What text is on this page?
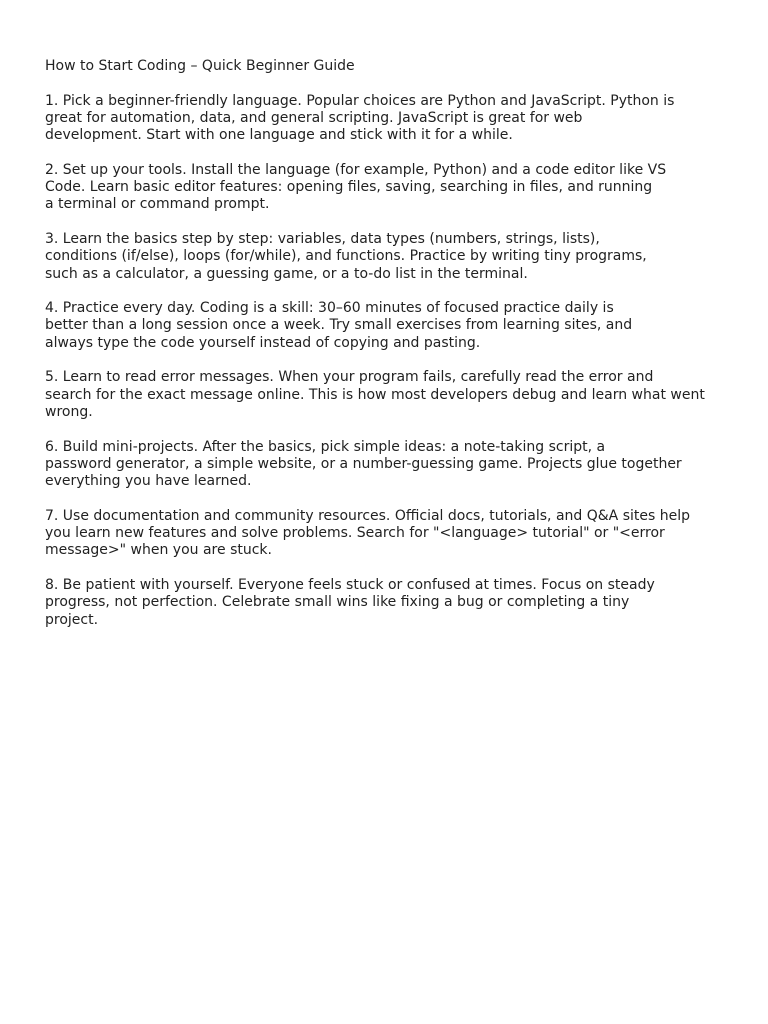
How to Start Coding – Quick Beginner Guide
1. Pick a beginner-friendly language. Popular choices are Python and JavaScript. Python is
great for automation, data, and general scripting. JavaScript is great for web
development. Start with one language and stick with it for a while.
2. Set up your tools. Install the language (for example, Python) and a code editor like VS
Code. Learn basic editor features: opening files, saving, searching in files, and running
a terminal or command prompt.
3. Learn the basics step by step: variables, data types (numbers, strings, lists),
conditions (if/else), loops (for/while), and functions. Practice by writing tiny programs,
such as a calculator, a guessing game, or a to-do list in the terminal.
4. Practice every day. Coding is a skill: 30–60 minutes of focused practice daily is
better than a long session once a week. Try small exercises from learning sites, and
always type the code yourself instead of copying and pasting.
5. Learn to read error messages. When your program fails, carefully read the error and
search for the exact message online. This is how most developers debug and learn what went
wrong.
6. Build mini-projects. After the basics, pick simple ideas: a note-taking script, a
password generator, a simple website, or a number-guessing game. Projects glue together
everything you have learned.
7. Use documentation and community resources. Official docs, tutorials, and Q&A sites help
you learn new features and solve problems. Search for "<language> tutorial" or "<error
message>" when you are stuck.
8. Be patient with yourself. Everyone feels stuck or confused at times. Focus on steady
progress, not perfection. Celebrate small wins like fixing a bug or completing a tiny
project.
